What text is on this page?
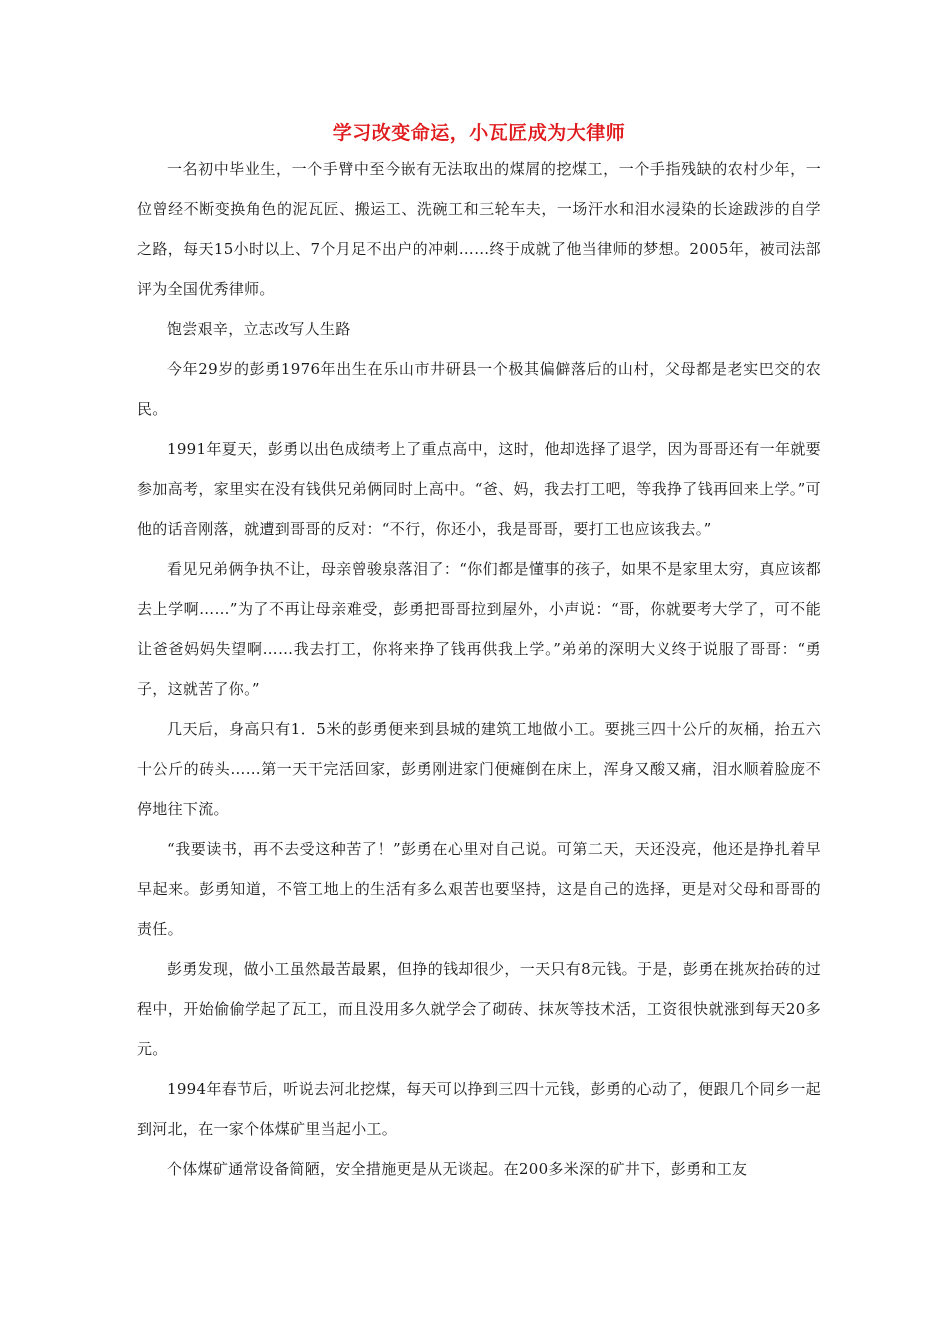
学习改变命运，小瓦匠成为大律师

一名初中毕业生，一个手臂中至今嵌有无法取出的煤屑的挖煤工，一个手指残缺的农村少年，一位曾经不断变换角色的泥瓦匠、搬运工、洗碗工和三轮车夫，一场汗水和泪水浸染的长途跋涉的自学之路，每天15小时以上、7个月足不出户的冲刺……终于成就了他当律师的梦想。2005年，被司法部评为全国优秀律师。

饱尝艰辛，立志改写人生路

今年29岁的彭勇1976年出生在乐山市井研县一个极其偏僻落后的山村，父母都是老实巴交的农民。

1991年夏天，彭勇以出色成绩考上了重点高中，这时，他却选择了退学，因为哥哥还有一年就要参加高考，家里实在没有钱供兄弟俩同时上高中。“爸、妈，我去打工吧，等我挣了钱再回来上学。”可他的话音刚落，就遭到哥哥的反对：“不行，你还小，我是哥哥，要打工也应该我去。”

看见兄弟俩争执不让，母亲曾骏泉落泪了：“你们都是懂事的孩子，如果不是家里太穷，真应该都去上学啊……”为了不再让母亲难受，彭勇把哥哥拉到屋外，小声说：“哥，你就要考大学了，可不能让爸爸妈妈失望啊……我去打工，你将来挣了钱再供我上学。”弟弟的深明大义终于说服了哥哥：“勇子，这就苦了你。”

几天后，身高只有1．5米的彭勇便来到县城的建筑工地做小工。要挑三四十公斤的灰桶，抬五六十公斤的砖头……第一天干完活回家，彭勇刚进家门便瘫倒在床上，浑身又酸又痛，泪水顺着脸庞不停地往下流。

“我要读书，再不去受这种苦了！”彭勇在心里对自己说。可第二天，天还没亮，他还是挣扎着早早起来。彭勇知道，不管工地上的生活有多么艰苦也要坚持，这是自己的选择，更是对父母和哥哥的责任。

彭勇发现，做小工虽然最苦最累，但挣的钱却很少，一天只有8元钱。于是，彭勇在挑灰抬砖的过程中，开始偷偷学起了瓦工，而且没用多久就学会了砌砖、抹灰等技术活，工资很快就涨到每天20多元。

1994年春节后，听说去河北挖煤，每天可以挣到三四十元钱，彭勇的心动了，便跟几个同乡一起到河北，在一家个体煤矿里当起小工。

个体煤矿通常设备简陋，安全措施更是从无谈起。在200多米深的矿井下，彭勇和工友
